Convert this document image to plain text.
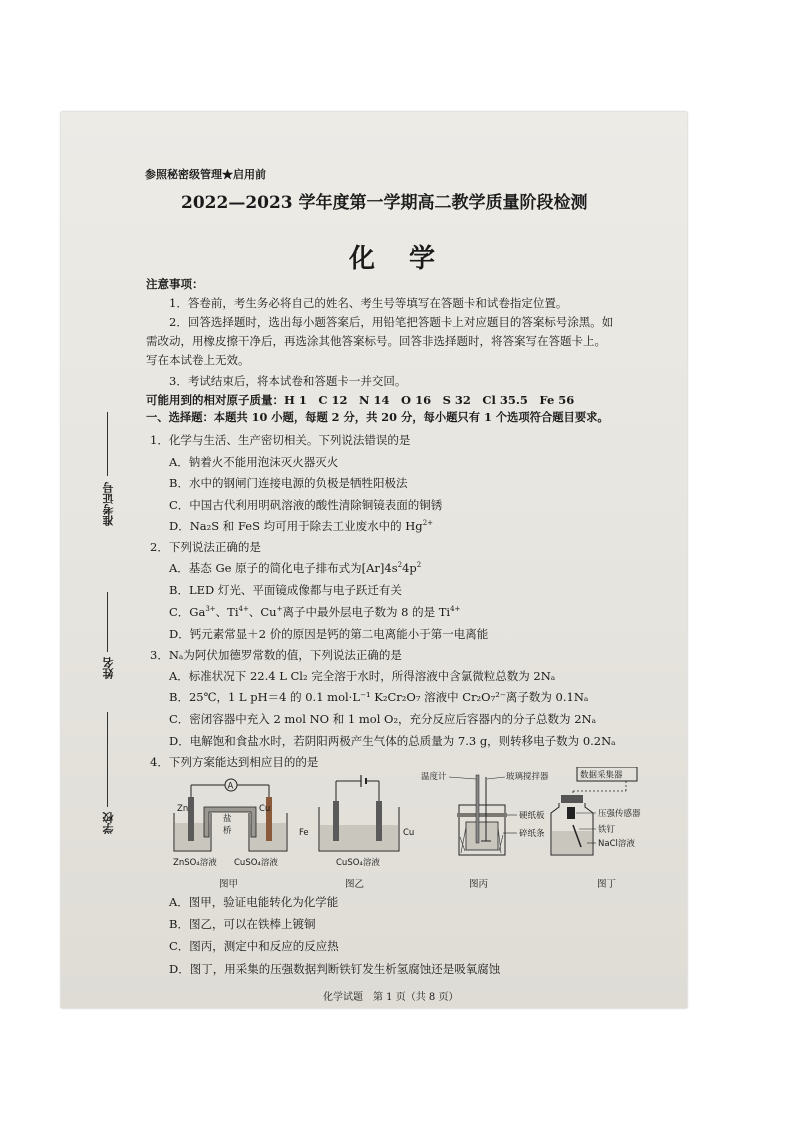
准考证号
姓名
学校
参照秘密级管理★启用前
2022—2023 学年度第一学期高二教学质量阶段检测
化　学
注意事项：
1．答卷前，考生务必将自己的姓名、考生号等填写在答题卡和试卷指定位置。
2．回答选择题时，选出每小题答案后，用铅笔把答题卡上对应题目的答案标号涂黑。如
需改动，用橡皮擦干净后，再选涂其他答案标号。回答非选择题时，将答案写在答题卡上。
写在本试卷上无效。
3．考试结束后，将本试卷和答题卡一并交回。
可能用到的相对原子质量：H 1　C 12　N 14　O 16　S 32　Cl 35.5　Fe 56
一、选择题：本题共 10 小题，每题 2 分，共 20 分，每小题只有 1 个选项符合题目要求。
1．化学与生活、生产密切相关。下列说法错误的是
A．钠着火不能用泡沫灭火器灭火
B．水中的钢闸门连接电源的负极是牺牲阳极法
C．中国古代利用明矾溶液的酸性清除铜镜表面的铜锈
D．Na₂S 和 FeS 均可用于除去工业废水中的 $Hg^{2+}$
2．下列说法正确的是
A．基态 Ge 原子的简化电子排布式为$[Ar]4s^24p^2$
B．LED 灯光、平面镜成像都与电子跃迁有关
C．$Ga^{3+}$、$Ti^{4+}$、Cu+离子中最外层电子数为 8 的是 $Ti^{4+}$
D．钙元素常显＋2 价的原因是钙的第二电离能小于第一电离能
3．Nₐ为阿伏加德罗常数的值，下列说法正确的是
A．标准状况下 22.4 L Cl₂ 完全溶于水时，所得溶液中含氯微粒总数为 2Nₐ
B．25℃，1 L pH＝4 的 0.1 mol·L⁻¹ K₂Cr₂O₇ 溶液中 Cr₂O₇²⁻离子数为 0.1Nₐ
C．密闭容器中充入 2 mol NO 和 1 mol O₂，充分反应后容器内的分子总数为 2Nₐ
D．电解饱和食盐水时，若阴阳两极产生气体的总质量为 7.3 g，则转移电子数为 0.2Nₐ
4．下列方案能达到相应目的的是
A
Zn	Cu
盐
桥
ZnSO₄溶液 CuSO₄溶液
图甲
Fe	Cu
CuSO₄溶液
图乙
温度计	玻璃搅拌器
硬纸板
碎纸条
图丙
数据采集器
压强传感器
铁钉
NaCl溶液
图丁
A．图甲，验证电能转化为化学能
B．图乙，可以在铁棒上镀铜
C．图丙，测定中和反应的反应热
D．图丁，用采集的压强数据判断铁钉发生析氢腐蚀还是吸氧腐蚀
化学试题　第 1 页（共 8 页）
